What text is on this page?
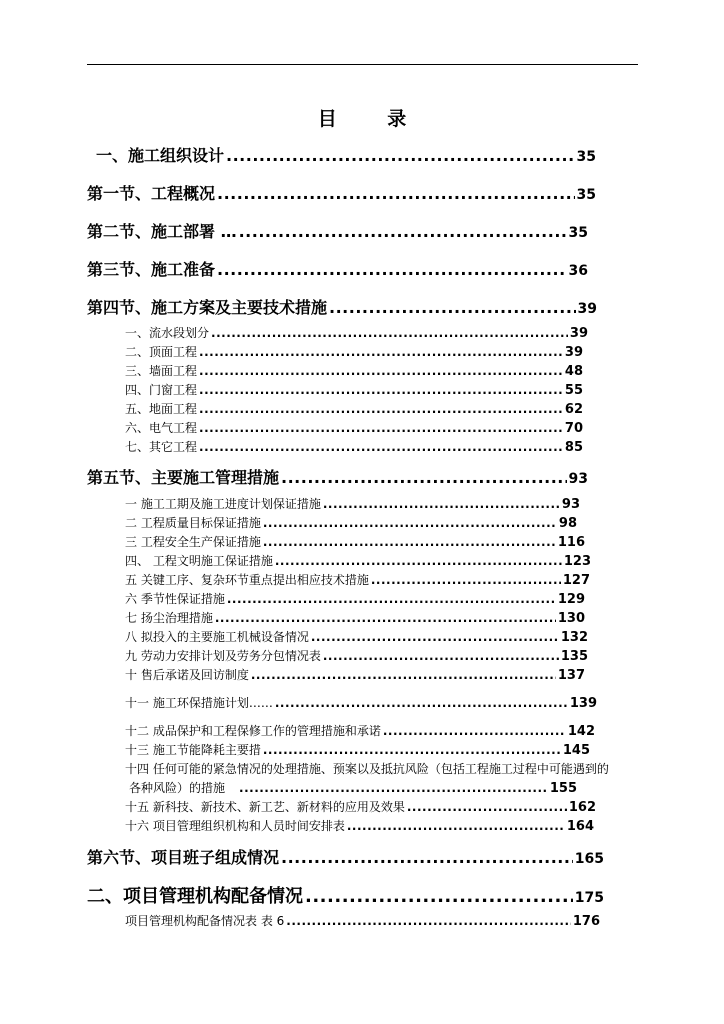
目 录
一、施工组织设计 .....	35
第一节、工程概况 .....	35
第二节、施工部署 … .....	35
第三节、施工准备 .....	36
第四节、施工方案及主要技术措施 .....	39
一、流水段划分 .....	39
二、顶面工程 .....	39
三、墙面工程 .....	48
四、门窗工程 .....	55
五、地面工程 .....	62
六、电气工程 .....	70
七、其它工程 .....	85
第五节、主要施工管理措施 .....	93
一 施工工期及施工进度计划保证措施 .....	93
二 工程质量目标保证措施 .....	98
三 工程安全生产保证措施 .....	116
四、 工程文明施工保证措施 .....	123
五 关键工序、复杂环节重点提出相应技术措施 .....	127
六 季节性保证措施 .....	129
七 扬尘治理措施 .....	130
八 拟投入的主要施工机械设备情况 .....	132
九 劳动力安排计划及劳务分包情况表 .....	135
十 售后承诺及回访制度 .....	137
十一 施工环保措施计划…… .....	139
十二 成品保护和工程保修工作的管理措施和承诺 .....	142
十三 施工节能降耗主要措 .....	145
十四 任何可能的紧急情况的处理措施、预案以及抵抗风险（包括工程施工过程中可能遇到的
各种风险）的措施 .....	155
十五 新科技、新技术、新工艺、新材料的应用及效果 .....	162
十六 项目管理组织机构和人员时间安排表 .....	164
第六节、项目班子组成情况 .....	165
二、项目管理机构配备情况 .....	175
项目管理机构配备情况表 表 6 .....	176
